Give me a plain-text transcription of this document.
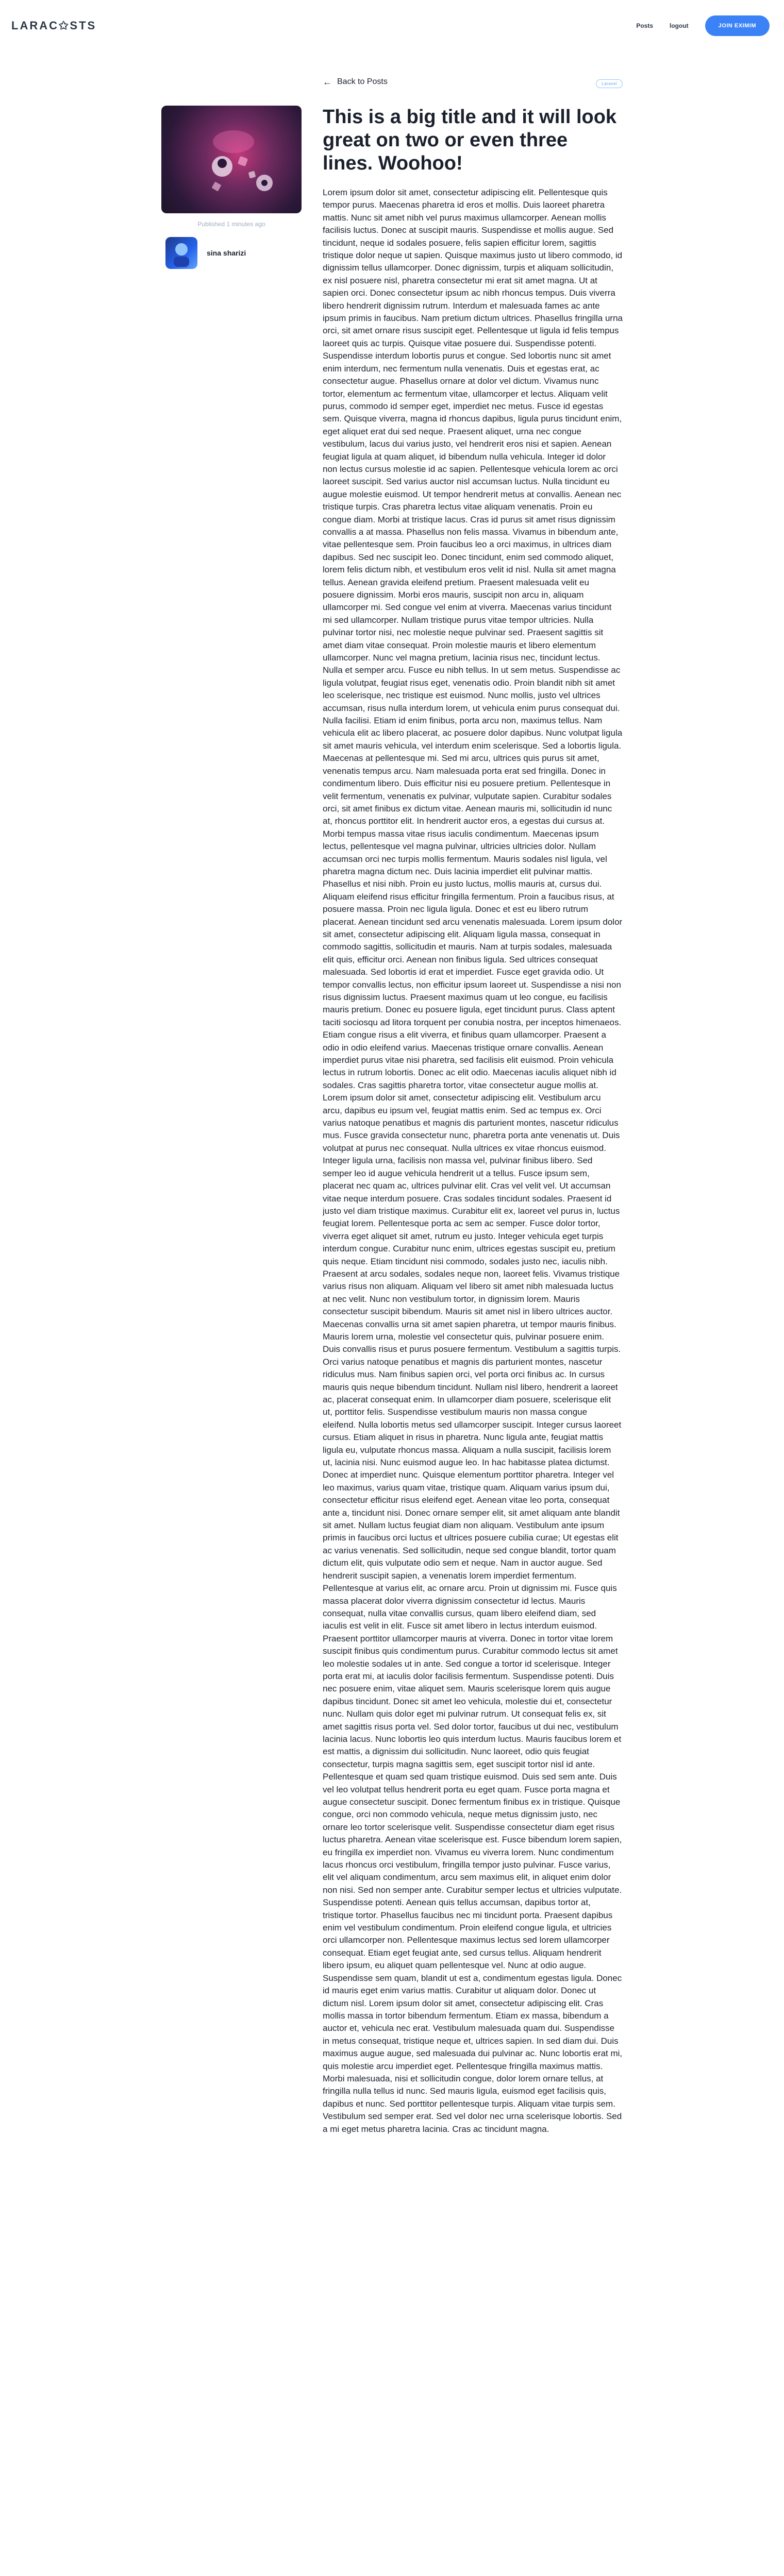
LARAC✩STS	Posts	logout	JOIN EXIMIM
← Back to Posts	Laravel
Published 1 minutes ago
sina sharizi
This is a big title and it will look great on two or even three lines. Woohoo!

Lorem ipsum dolor sit amet, consectetur adipiscing elit. Pellentesque quis tempor purus. Maecenas pharetra id eros et mollis. Duis laoreet pharetra mattis. Nunc sit amet nibh vel purus maximus ullamcorper. Aenean mollis facilisis luctus. Donec at suscipit mauris. Suspendisse et mollis augue. Sed tincidunt, neque id sodales posuere, felis sapien efficitur lorem, sagittis tristique dolor neque ut sapien. Quisque maximus justo ut libero commodo, id dignissim tellus ullamcorper. Donec dignissim, turpis et aliquam sollicitudin, ex nisl posuere nisl, pharetra consectetur mi erat sit amet magna. Ut at sapien orci. Donec consectetur ipsum ac nibh rhoncus tempus. Duis viverra libero hendrerit dignissim rutrum. Interdum et malesuada fames ac ante ipsum primis in faucibus. Nam pretium dictum ultrices. Phasellus fringilla urna orci, sit amet ornare risus suscipit eget. Pellentesque ut ligula id felis tempus laoreet quis ac turpis. Quisque vitae posuere dui. Suspendisse potenti. Suspendisse interdum lobortis purus et congue. Sed lobortis nunc sit amet enim interdum, nec fermentum nulla venenatis. Duis et egestas erat, ac consectetur augue. Phasellus ornare at dolor vel dictum. Vivamus nunc tortor, elementum ac fermentum vitae, ullamcorper et lectus. Aliquam velit purus, commodo id semper eget, imperdiet nec metus. Fusce id egestas sem. Quisque viverra, magna id rhoncus dapibus, ligula purus tincidunt enim, eget aliquet erat dui sed neque. Praesent aliquet, urna nec congue vestibulum, lacus dui varius justo, vel hendrerit eros nisi et sapien. Aenean feugiat ligula at quam aliquet, id bibendum nulla vehicula. Integer id dolor non lectus cursus molestie id ac sapien. Pellentesque vehicula lorem ac orci laoreet suscipit. Sed varius auctor nisl accumsan luctus. Nulla tincidunt eu augue molestie euismod. Ut tempor hendrerit metus at convallis. Aenean nec tristique turpis. Cras pharetra lectus vitae aliquam venenatis. Proin eu congue diam. Morbi at tristique lacus. Cras id purus sit amet risus dignissim convallis a at massa. Phasellus non felis massa. Vivamus in bibendum ante, vitae pellentesque sem. Proin faucibus leo a orci maximus, in ultrices diam dapibus. Sed nec suscipit leo. Donec tincidunt, enim sed commodo aliquet, lorem felis dictum nibh, et vestibulum eros velit id nisl. Nulla sit amet magna tellus. Aenean gravida eleifend pretium. Praesent malesuada velit eu posuere dignissim. Morbi eros mauris, suscipit non arcu in, aliquam ullamcorper mi. Sed congue vel enim at viverra. Maecenas varius tincidunt mi sed ullamcorper. Nullam tristique purus vitae tempor ultricies. Nulla pulvinar tortor nisi, nec molestie neque pulvinar sed. Praesent sagittis sit amet diam vitae consequat. Proin molestie mauris et libero elementum ullamcorper. Nunc vel magna pretium, lacinia risus nec, tincidunt lectus. Nulla et semper arcu. Fusce eu nibh tellus. In ut sem metus. Suspendisse ac ligula volutpat, feugiat risus eget, venenatis odio. Proin blandit nibh sit amet leo scelerisque, nec tristique est euismod. Nunc mollis, justo vel ultrices accumsan, risus nulla interdum lorem, ut vehicula enim purus consequat dui. Nulla facilisi. Etiam id enim finibus, porta arcu non, maximus tellus. Nam vehicula elit ac libero placerat, ac posuere dolor dapibus. Nunc volutpat ligula sit amet mauris vehicula, vel interdum enim scelerisque. Sed a lobortis ligula. Maecenas at pellentesque mi. Sed mi arcu, ultrices quis purus sit amet, venenatis tempus arcu. Nam malesuada porta erat sed fringilla. Donec in condimentum libero. Duis efficitur nisi eu posuere pretium. Pellentesque in velit fermentum, venenatis ex pulvinar, vulputate sapien. Curabitur sodales orci, sit amet finibus ex dictum vitae. Aenean mauris mi, sollicitudin id nunc at, rhoncus porttitor elit. In hendrerit auctor eros, a egestas dui cursus at. Morbi tempus massa vitae risus iaculis condimentum. Maecenas ipsum lectus, pellentesque vel magna pulvinar, ultricies ultricies dolor. Nullam accumsan orci nec turpis mollis fermentum. Mauris sodales nisl ligula, vel pharetra magna dictum nec. Duis lacinia imperdiet elit pulvinar mattis. Phasellus et nisi nibh. Proin eu justo luctus, mollis mauris at, cursus dui. Aliquam eleifend risus efficitur fringilla fermentum. Proin a faucibus risus, at posuere massa. Proin nec ligula ligula. Donec et est eu libero rutrum placerat. Aenean tincidunt sed arcu venenatis malesuada. Lorem ipsum dolor sit amet, consectetur adipiscing elit. Aliquam ligula massa, consequat in commodo sagittis, sollicitudin et mauris. Nam at turpis sodales, malesuada elit quis, efficitur orci. Aenean non finibus ligula. Sed ultrices consequat malesuada. Sed lobortis id erat et imperdiet. Fusce eget gravida odio. Ut tempor convallis lectus, non efficitur ipsum laoreet ut. Suspendisse a nisi non risus dignissim luctus. Praesent maximus quam ut leo congue, eu facilisis mauris pretium. Donec eu posuere ligula, eget tincidunt purus. Class aptent taciti sociosqu ad litora torquent per conubia nostra, per inceptos himenaeos. Etiam congue risus a elit viverra, et finibus quam ullamcorper. Praesent a odio in odio eleifend varius. Maecenas tristique ornare convallis. Aenean imperdiet purus vitae nisi pharetra, sed facilisis elit euismod. Proin vehicula lectus in rutrum lobortis. Donec ac elit odio. Maecenas iaculis aliquet nibh id sodales. Cras sagittis pharetra tortor, vitae consectetur augue mollis at. Lorem ipsum dolor sit amet, consectetur adipiscing elit. Vestibulum arcu arcu, dapibus eu ipsum vel, feugiat mattis enim. Sed ac tempus ex. Orci varius natoque penatibus et magnis dis parturient montes, nascetur ridiculus mus. Fusce gravida consectetur nunc, pharetra porta ante venenatis ut. Duis volutpat at purus nec consequat. Nulla ultrices ex vitae rhoncus euismod. Integer ligula urna, facilisis non massa vel, pulvinar finibus libero. Sed semper leo id augue vehicula hendrerit ut a tellus. Fusce ipsum sem, placerat nec quam ac, ultrices pulvinar elit. Cras vel velit vel. Ut accumsan vitae neque interdum posuere. Cras sodales tincidunt sodales. Praesent id justo vel diam tristique maximus. Curabitur elit ex, laoreet vel purus in, luctus feugiat lorem. Pellentesque porta ac sem ac semper. Fusce dolor tortor, viverra eget aliquet sit amet, rutrum eu justo. Integer vehicula eget turpis interdum congue. Curabitur nunc enim, ultrices egestas suscipit eu, pretium quis neque. Etiam tincidunt nisi commodo, sodales justo nec, iaculis nibh. Praesent at arcu sodales, sodales neque non, laoreet felis. Vivamus tristique varius risus non aliquam. Aliquam vel libero sit amet nibh malesuada luctus at nec velit. Nunc non vestibulum tortor, in dignissim lorem. Mauris consectetur suscipit bibendum. Mauris sit amet nisl in libero ultrices auctor. Maecenas convallis urna sit amet sapien pharetra, ut tempor mauris finibus. Mauris lorem urna, molestie vel consectetur quis, pulvinar posuere enim. Duis convallis risus et purus posuere fermentum. Vestibulum a sagittis turpis. Orci varius natoque penatibus et magnis dis parturient montes, nascetur ridiculus mus. Nam finibus sapien orci, vel porta orci finibus ac. In cursus mauris quis neque bibendum tincidunt. Nullam nisl libero, hendrerit a laoreet ac, placerat consequat enim. In ullamcorper diam posuere, scelerisque elit ut, porttitor felis. Suspendisse vestibulum mauris non massa congue eleifend. Nulla lobortis metus sed ullamcorper suscipit. Integer cursus laoreet cursus. Etiam aliquet in risus in pharetra. Nunc ligula ante, feugiat mattis ligula eu, vulputate rhoncus massa. Aliquam a nulla suscipit, facilisis lorem ut, lacinia nisi. Nunc euismod augue leo. In hac habitasse platea dictumst. Donec at imperdiet nunc. Quisque elementum porttitor pharetra. Integer vel leo maximus, varius quam vitae, tristique quam. Aliquam varius ipsum dui, consectetur efficitur risus eleifend eget. Aenean vitae leo porta, consequat ante a, tincidunt nisi. Donec ornare semper elit, sit amet aliquam ante blandit sit amet. Nullam luctus feugiat diam non aliquam. Vestibulum ante ipsum primis in faucibus orci luctus et ultrices posuere cubilia curae; Ut egestas elit ac varius venenatis. Sed sollicitudin, neque sed congue blandit, tortor quam dictum elit, quis vulputate odio sem et neque. Nam in auctor augue. Sed hendrerit suscipit sapien, a venenatis lorem imperdiet fermentum. Pellentesque at varius elit, ac ornare arcu. Proin ut dignissim mi. Fusce quis massa placerat dolor viverra dignissim consectetur id lectus. Mauris consequat, nulla vitae convallis cursus, quam libero eleifend diam, sed iaculis est velit in elit. Fusce sit amet libero in lectus interdum euismod. Praesent porttitor ullamcorper mauris at viverra. Donec in tortor vitae lorem suscipit finibus quis condimentum purus. Curabitur commodo lectus sit amet leo molestie sodales ut in ante. Sed congue a tortor id scelerisque. Integer porta erat mi, at iaculis dolor facilisis fermentum. Suspendisse potenti. Duis nec posuere enim, vitae aliquet sem. Mauris scelerisque lorem quis augue dapibus tincidunt. Donec sit amet leo vehicula, molestie dui et, consectetur nunc. Nullam quis dolor eget mi pulvinar rutrum. Ut consequat felis ex, sit amet sagittis risus porta vel. Sed dolor tortor, faucibus ut dui nec, vestibulum lacinia lacus. Nunc lobortis leo quis interdum luctus. Mauris faucibus lorem et est mattis, a dignissim dui sollicitudin. Nunc laoreet, odio quis feugiat consectetur, turpis magna sagittis sem, eget suscipit tortor nisl id ante. Pellentesque et quam sed quam tristique euismod. Duis sed sem ante. Duis vel leo volutpat tellus hendrerit porta eu eget quam. Fusce porta magna et augue consectetur suscipit. Donec fermentum finibus ex in tristique. Quisque congue, orci non commodo vehicula, neque metus dignissim justo, nec ornare leo tortor scelerisque velit. Suspendisse consectetur diam eget risus luctus pharetra. Aenean vitae scelerisque est. Fusce bibendum lorem sapien, eu fringilla ex imperdiet non. Vivamus eu viverra lorem. Nunc condimentum lacus rhoncus orci vestibulum, fringilla tempor justo pulvinar. Fusce varius, elit vel aliquam condimentum, arcu sem maximus elit, in aliquet enim dolor non nisi. Sed non semper ante. Curabitur semper lectus et ultricies vulputate. Suspendisse potenti. Aenean quis tellus accumsan, dapibus tortor at, tristique tortor. Phasellus faucibus nec mi tincidunt porta. Praesent dapibus enim vel vestibulum condimentum. Proin eleifend congue ligula, et ultricies orci ullamcorper non. Pellentesque maximus lectus sed lorem ullamcorper consequat. Etiam eget feugiat ante, sed cursus tellus. Aliquam hendrerit libero ipsum, eu aliquet quam pellentesque vel. Nunc at odio augue. Suspendisse sem quam, blandit ut est a, condimentum egestas ligula. Donec id mauris eget enim varius mattis. Curabitur ut aliquam dolor. Donec ut dictum nisl. Lorem ipsum dolor sit amet, consectetur adipiscing elit. Cras mollis massa in tortor bibendum fermentum. Etiam ex massa, bibendum a auctor et, vehicula nec erat. Vestibulum malesuada quam dui. Suspendisse in metus consequat, tristique neque et, ultrices sapien. In sed diam dui. Duis maximus augue augue, sed malesuada dui pulvinar ac. Nunc lobortis erat mi, quis molestie arcu imperdiet eget. Pellentesque fringilla maximus mattis. Morbi malesuada, nisi et sollicitudin congue, dolor lorem ornare tellus, at fringilla nulla tellus id nunc. Sed mauris ligula, euismod eget facilisis quis, dapibus et nunc. Sed porttitor pellentesque turpis. Aliquam vitae turpis sem. Vestibulum sed semper erat. Sed vel dolor nec urna scelerisque lobortis. Sed a mi eget metus pharetra lacinia. Cras ac tincidunt magna.
